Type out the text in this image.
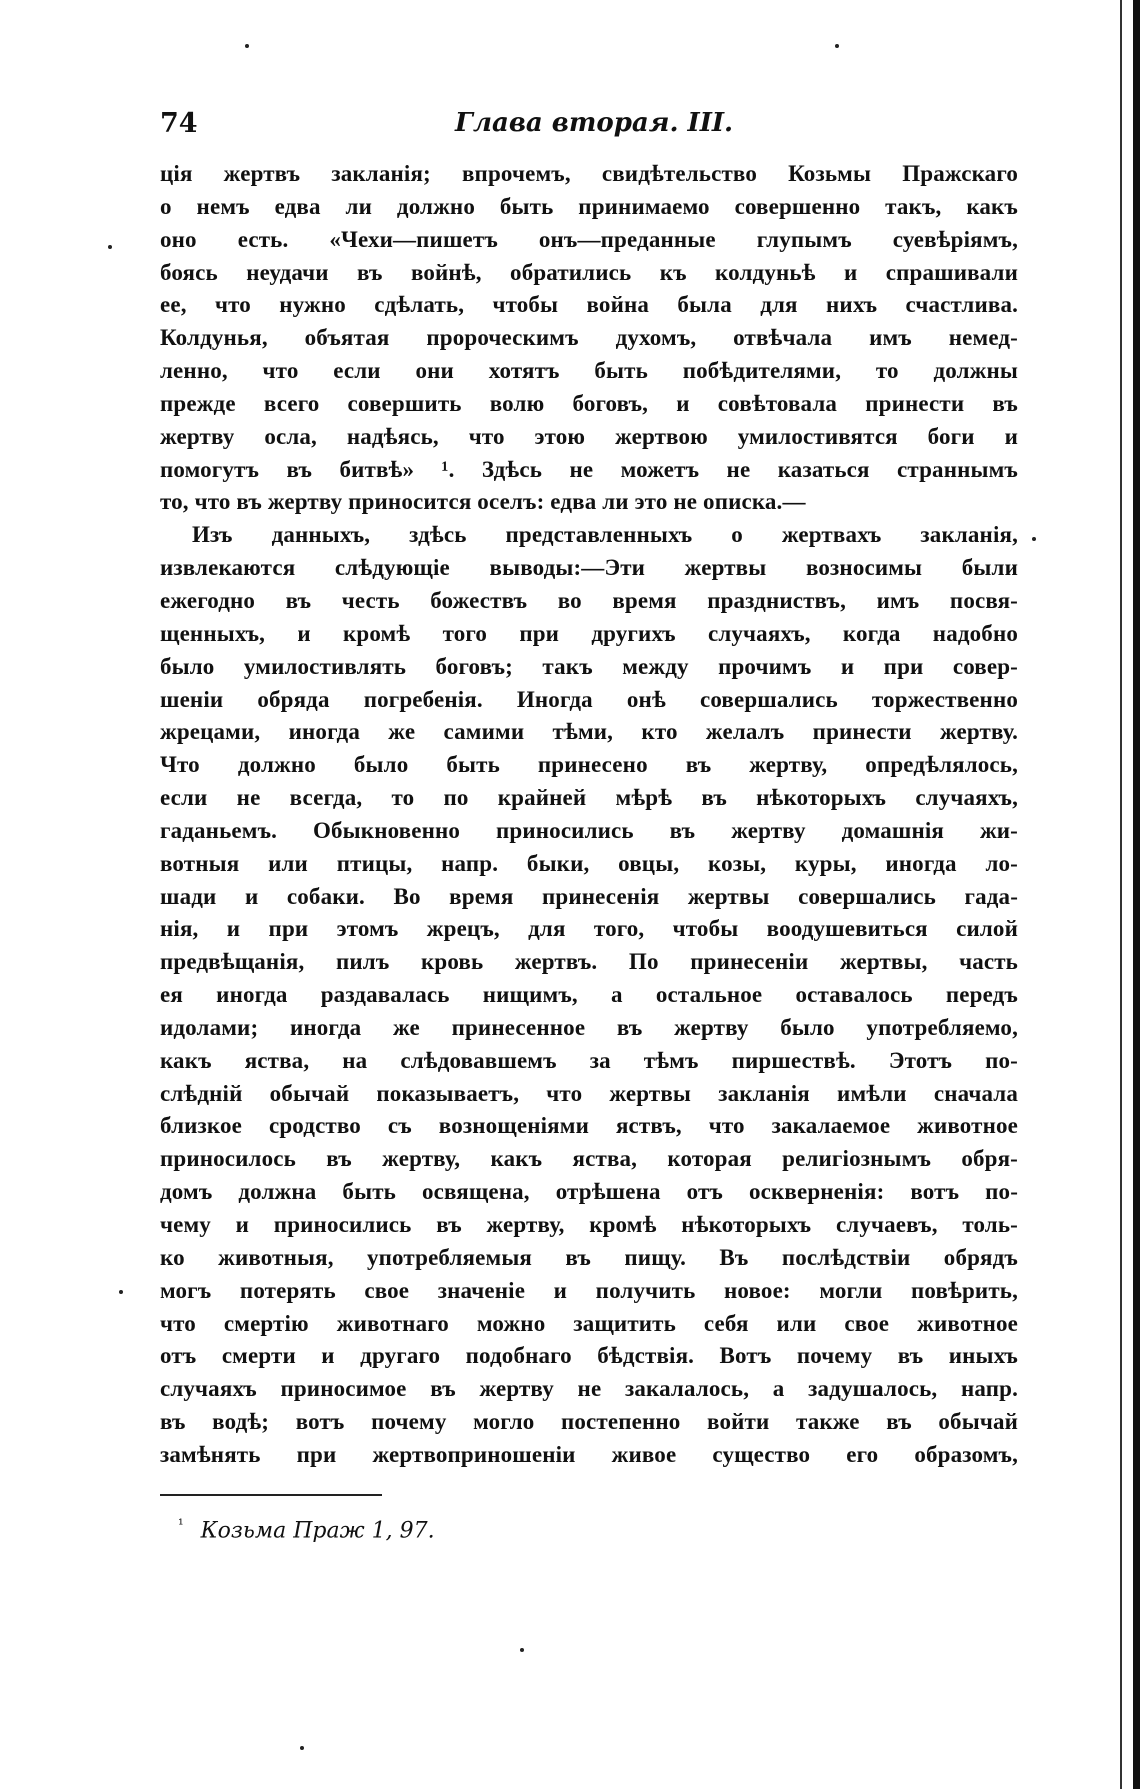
74	Глава вторая. III.
ція жертвъ закланія; впрочемъ, свидѣтельство Козьмы Пражскаго
о немъ едва ли должно быть принимаемо совершенно такъ, какъ
оно есть. «Чехи—пишетъ онъ—преданные глупымъ суевѣріямъ,
боясь неудачи въ войнѣ, обратились къ колдуньѣ и спрашивали
ее, что нужно сдѣлать, чтобы война была для нихъ счастлива.
Колдунья, объятая пророческимъ духомъ, отвѣчала имъ немед-
ленно, что если они хотятъ быть побѣдителями, то должны
прежде всего совершить волю боговъ, и совѣтовала принести въ
жертву осла, надѣясь, что этою жертвою умилостивятся боги и
помогутъ въ битвѣ» ¹. Здѣсь не можетъ не казаться страннымъ
то, что въ жертву приносится оселъ: едва ли это не описка.—
Изъ данныхъ, здѣсь представленныхъ о жертвахъ закланія,
извлекаются слѣдующіе выводы:—Эти жертвы возносимы были
ежегодно въ честь божествъ во время праздниствъ, имъ посвя-
щенныхъ, и кромѣ того при другихъ случаяхъ, когда надобно
было умилостивлять боговъ; такъ между прочимъ и при совер-
шеніи обряда погребенія. Иногда онѣ совершались торжественно
жрецами, иногда же самими тѣми, кто желалъ принести жертву.
Что должно было быть принесено въ жертву, опредѣлялось,
если не всегда, то по крайней мѣрѣ въ нѣкоторыхъ случаяхъ,
гаданьемъ. Обыкновенно приносились въ жертву домашнія жи-
вотныя или птицы, напр. быки, овцы, козы, куры, иногда ло-
шади и собаки. Во время принесенія жертвы совершались гада-
нія, и при этомъ жрецъ, для того, чтобы воодушевиться силой
предвѣщанія, пилъ кровь жертвъ. По принесеніи жертвы, часть
ея иногда раздавалась нищимъ, а остальное оставалось передъ
идолами; иногда же принесенное въ жертву было употребляемо,
какъ яства, на слѣдовавшемъ за тѣмъ пиршествѣ. Этотъ по-
слѣдній обычай показываетъ, что жертвы закланія имѣли сначала
близкое сродство съ вознощеніями яствъ, что закалаемое животное
приносилось въ жертву, какъ яства, которая религіознымъ обря-
домъ должна быть освящена, отрѣшена отъ оскверненія: вотъ по-
чему и приносились въ жертву, кромѣ нѣкоторыхъ случаевъ, толь-
ко животныя, употребляемыя въ пищу. Въ послѣдствіи обрядъ
могъ потерять свое значеніе и получить новое: могли повѣрить,
что смертію животнаго можно защитить себя или свое животное
отъ смерти и другаго подобнаго бѣдствія. Вотъ почему въ иныхъ
случаяхъ приносимое въ жертву не закалалось, а задушалось, напр.
въ водѣ; вотъ почему могло постепенно войти также въ обычай
замѣнять при жертвоприношеніи живое существо его образомъ,
$^{^1}$ Козьма Праж 1, 97.
